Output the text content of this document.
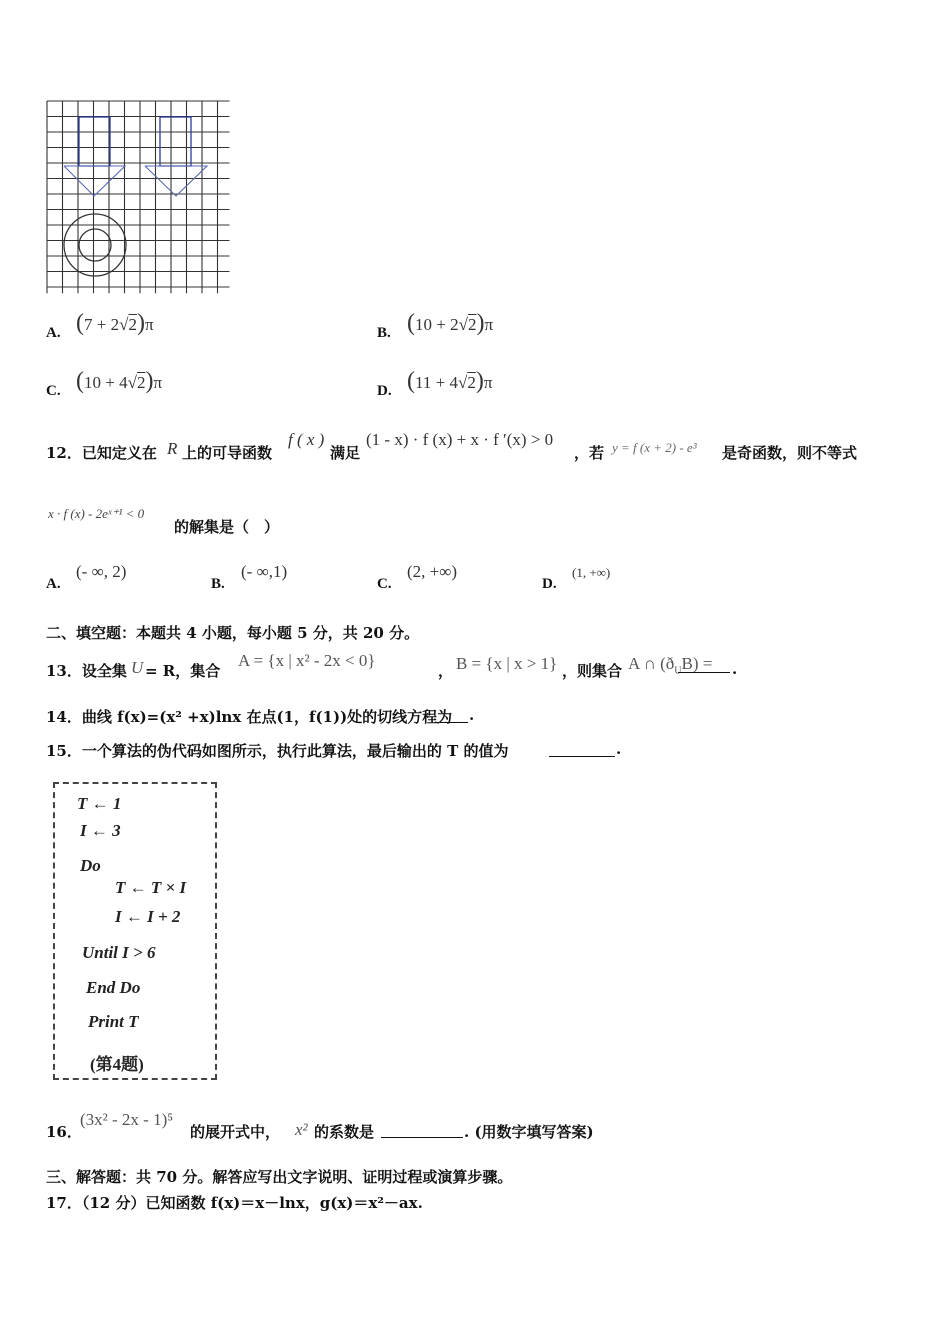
A. (7 + 2√2)π	B. (10 + 2√2)π
C. (10 + 4√2)π	D. (11 + 4√2)π
12．已知定义在 R 上的可导函数
f ( x )
满足
(1 - x) · f (x) + x · f ′(x) > 0
，若 y = f (x + 2) - e³ 是奇函数，则不等式
x · f (x) - 2eˣ⁺¹ < 0
的解集是（　）
A.
(- ∞, 2)
B.
(- ∞,1)
C.
(2, +∞)
D.
(1, +∞)
二、填空题：本题共 4 小题，每小题 5 分，共 20 分。
13．设全集 U = R，集合
A = {x | x² - 2x < 0}
， B = {x | x > 1} ，则集合 A ∩ $(ð_UB)$ = .
14．曲线 f(x)=(x² +x)lnx 在点(1，f(1))处的切线方程为 .
15．一个算法的伪代码如图所示，执行此算法，最后输出的 T 的值为	.
T ← 1
I ← 3
Do
T ← T × I
I ← I + 2
Until I > 6
End Do
Print T
(第4题)
16．
(3x² - 2x - 1)⁵
的展开式中， x² 的系数是	. (用数字填写答案)
三、解答题：共 70 分。解答应写出文字说明、证明过程或演算步骤。
17．（12 分）已知函数 f(x)＝x－lnx，g(x)＝x²－ax.
